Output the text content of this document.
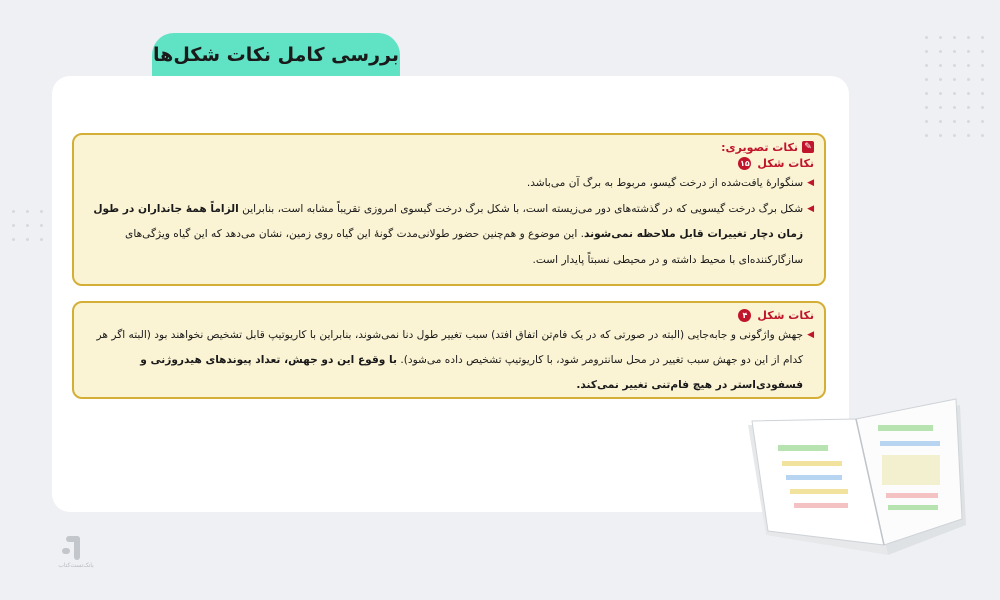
بررسی کامل نکات شکل‌ها
✎
نکات تصویری:
نکات شکل
۱۵
◀
سنگوارهٔ یافت‌شده از درخت گیسو، مربوط به برگ آن می‌باشد.
◀
شکل برگ درخت گیسویی که در گذشته‌های دور می‌زیسته است، با شکل برگ درخت گیسوی امروزی تقریباً مشابه است، بنابراین الزاماً همهٔ جانداران در طول زمان دچار تغییرات قابل ملاحظه نمی‌شوند. این موضوع و هم‌چنین حضور طولانی‌مدت گونهٔ این گیاه روی زمین، نشان می‌دهد که این گیاه ویژگی‌های سازگارکننده‌ای با محیط داشته و در محیطی نسبتاً پایدار است.
نکات شکل
۴
◀
جهش واژگونی و جابه‌جایی (البته در صورتی که در یک فام‌تن اتفاق افتد) سبب تغییر طول دنا نمی‌شوند، بنابراین با کاریوتیپ قابل تشخیص نخواهند بود (البته اگر هر کدام از این دو جهش سبب تغییر در محل سانترومر شود، با کاریوتیپ تشخیص داده می‌شود). با وقوع این دو جهش، تعداد پیوندهای هیدروژنی و فسفودی‌استر در هیچ فام‌تنی تغییر نمی‌کند.
بانک‌تست‌کتاب
